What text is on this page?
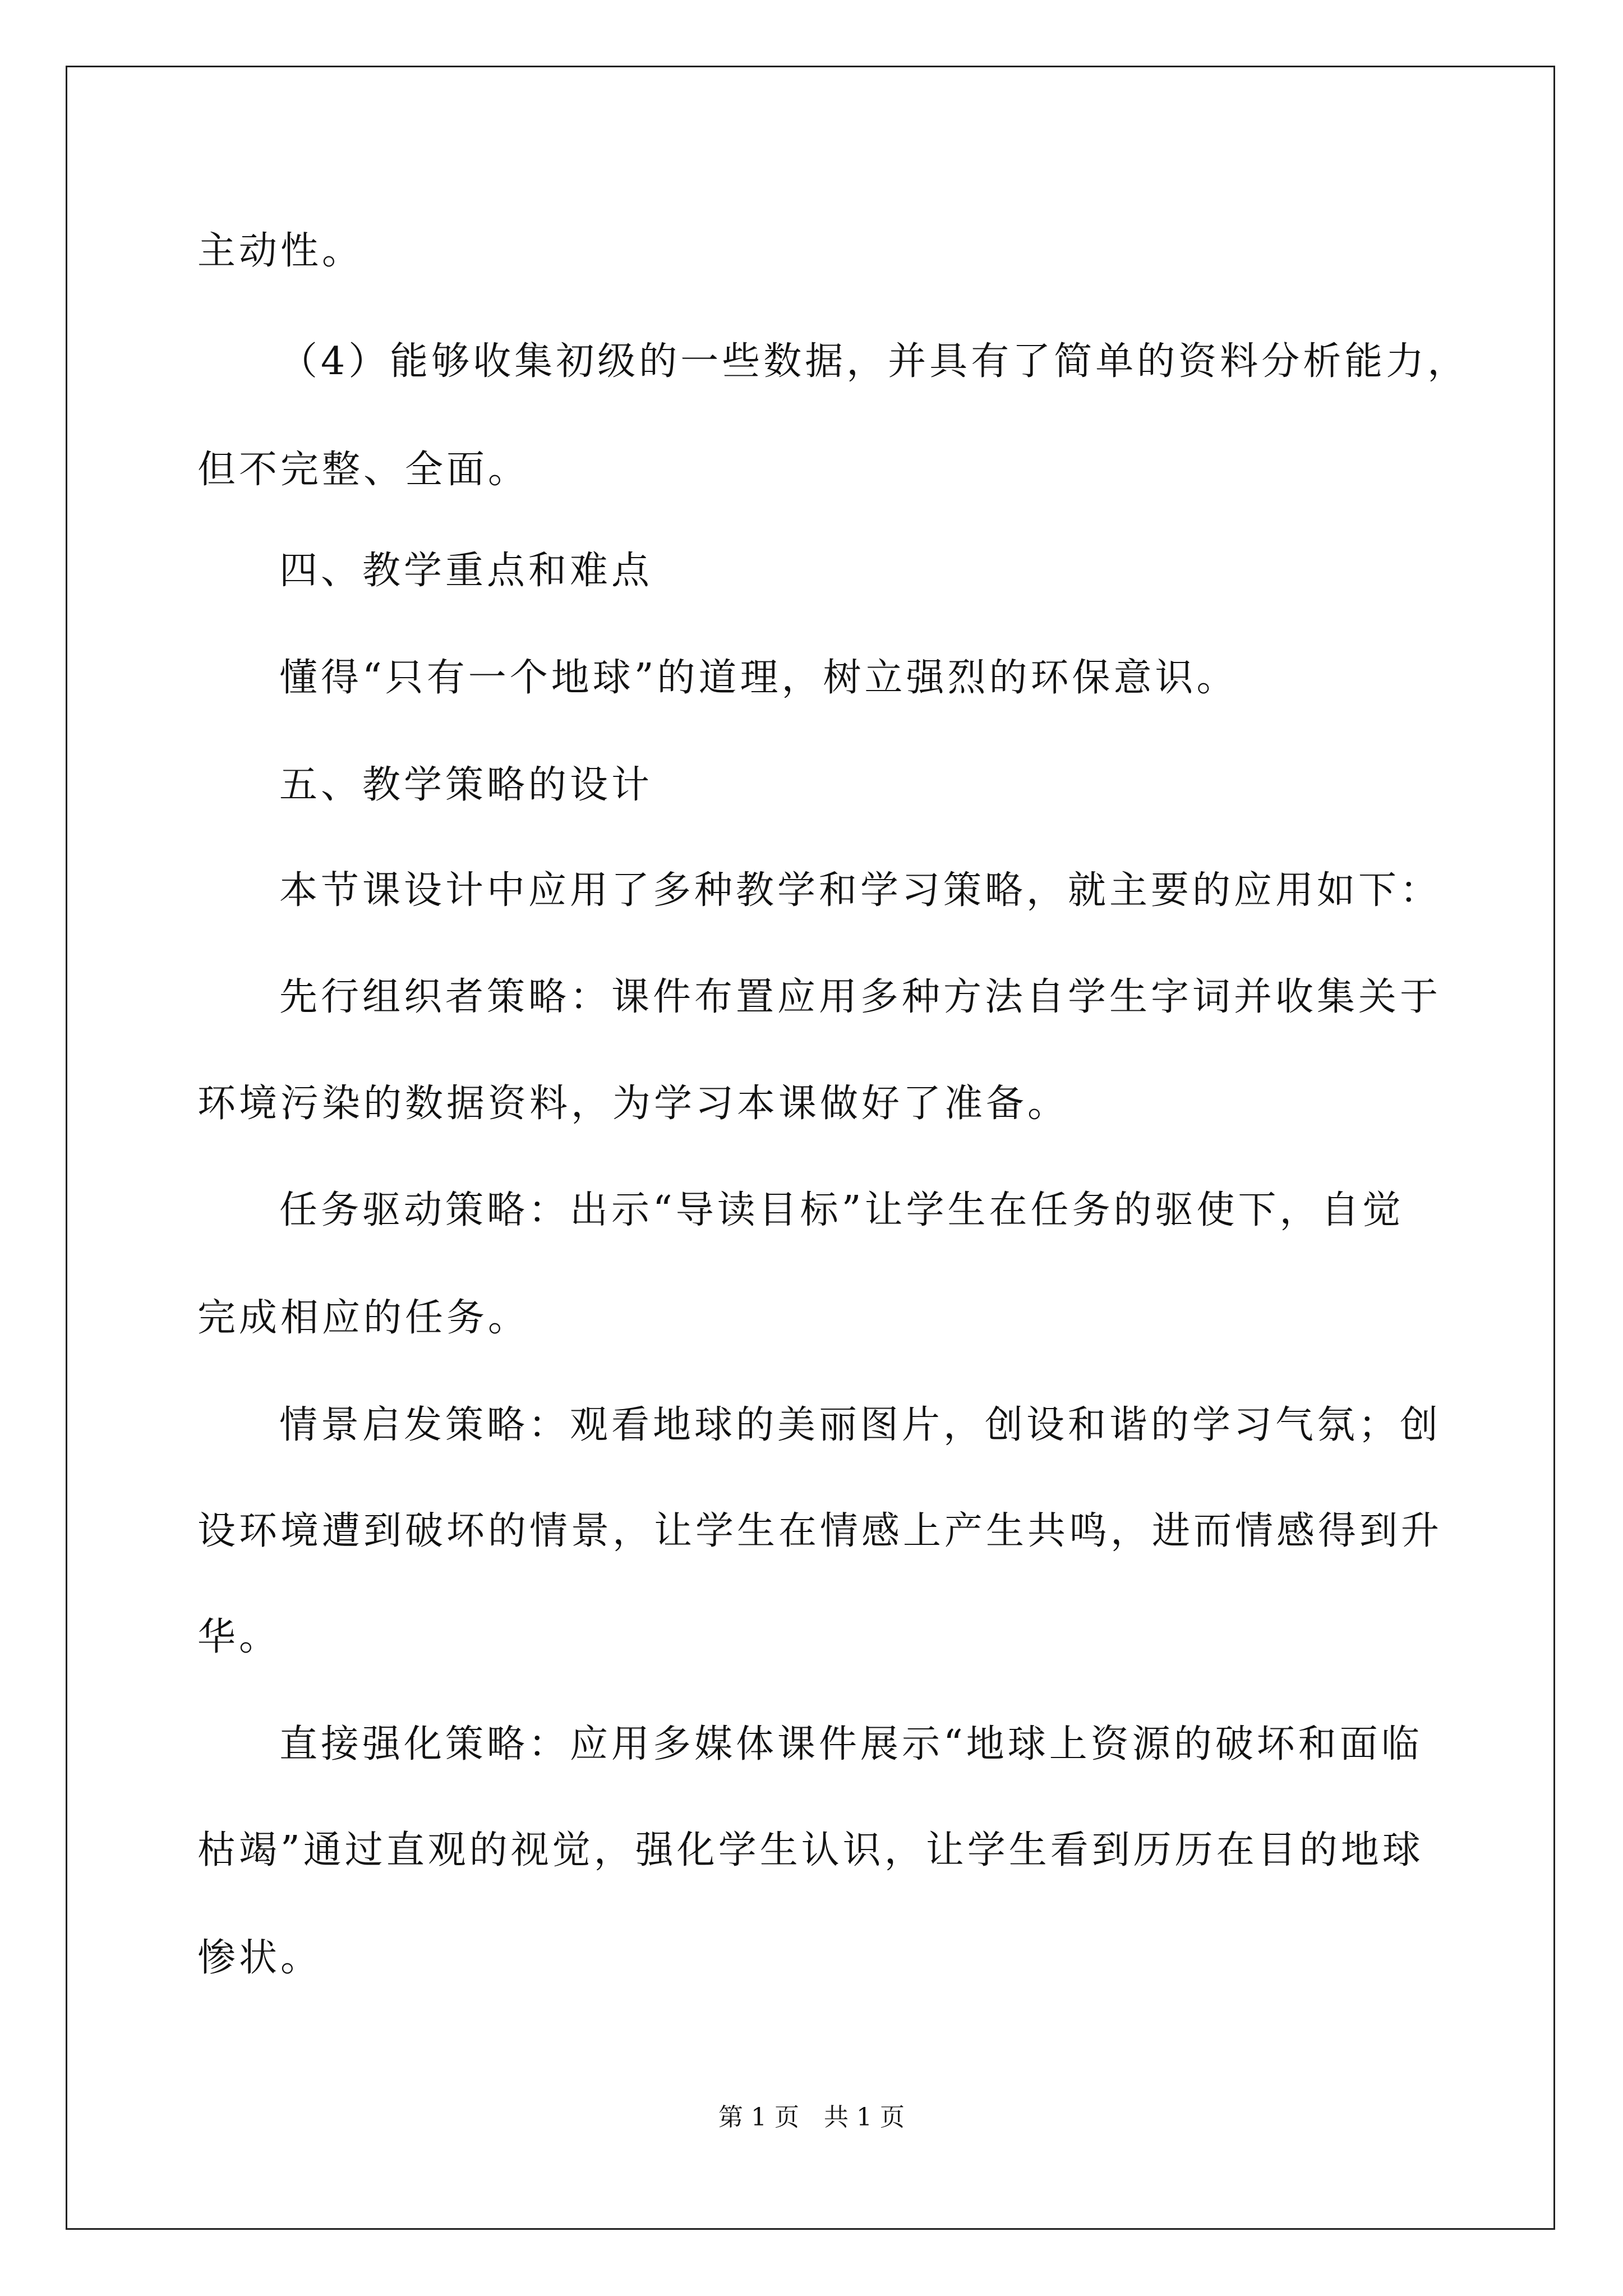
主动性。
（4）能够收集初级的一些数据，并具有了简单的资料分析能力，
但不完整、全面。
四、教学重点和难点
懂得“只有一个地球”的道理，树立强烈的环保意识。
五、教学策略的设计
本节课设计中应用了多种教学和学习策略，就主要的应用如下：
先行组织者策略：课件布置应用多种方法自学生字词并收集关于
环境污染的数据资料，为学习本课做好了准备。
任务驱动策略：出示“导读目标”让学生在任务的驱使下，自觉
完成相应的任务。
情景启发策略：观看地球的美丽图片，创设和谐的学习气氛；创
设环境遭到破坏的情景，让学生在情感上产生共鸣，进而情感得到升
华。
直接强化策略：应用多媒体课件展示“地球上资源的破坏和面临
枯竭”通过直观的视觉，强化学生认识，让学生看到历历在目的地球
惨状。
第 1 页　共 1 页
